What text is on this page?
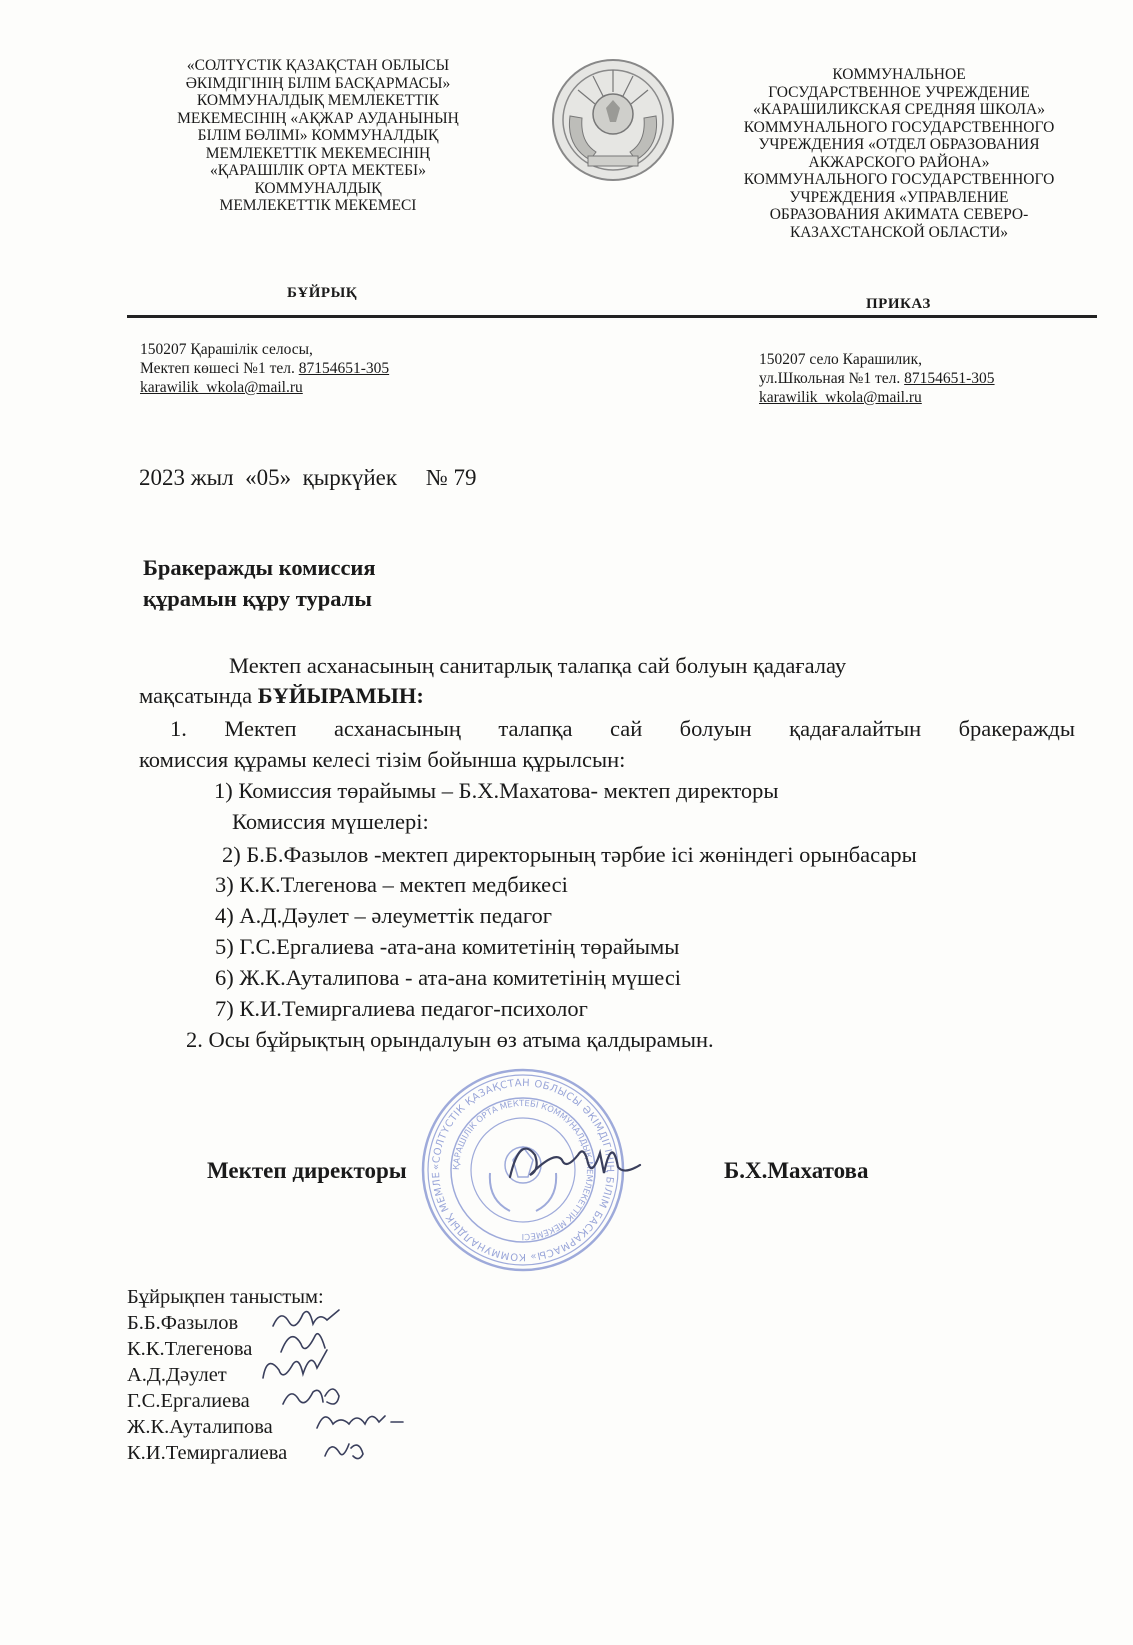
«СОЛТҮСТІК ҚАЗАҚСТАН ОБЛЫСЫ
ӘКІМДІГІНІҢ БІЛІМ БАСҚАРМАСЫ»
КОММУНАЛДЫҚ МЕМЛЕКЕТТІК
МЕКЕМЕСІНІҢ «АҚЖАР АУДАНЫНЫҢ
БІЛІМ БӨЛІМІ» КОММУНАЛДЫҚ
МЕМЛЕКЕТТІК МЕКЕМЕСІНІҢ
«ҚАРАШІЛІК ОРТА МЕКТЕБІ»
КОММУНАЛДЫҚ
МЕМЛЕКЕТТІК МЕКЕМЕСІ
БҰЙРЫҚ
КОММУНАЛЬНОЕ
ГОСУДАРСТВЕННОЕ УЧРЕЖДЕНИЕ
«КАРАШИЛИКСКАЯ СРЕДНЯЯ ШКОЛА»
КОММУНАЛЬНОГО ГОСУДАРСТВЕННОГО
УЧРЕЖДЕНИЯ «ОТДЕЛ ОБРАЗОВАНИЯ
АКЖАРСКОГО РАЙОНА»
КОММУНАЛЬНОГО ГОСУДАРСТВЕННОГО
УЧРЕЖДЕНИЯ «УПРАВЛЕНИЕ
ОБРАЗОВАНИЯ АКИМАТА СЕВЕРО-
КАЗАХСТАНСКОЙ ОБЛАСТИ»
ПРИКАЗ
150207 Қарашілік селосы,
Мектеп көшесі №1 тел. 87154651-305
karawilik_wkola@mail.ru
150207 село Карашилик,
ул.Школьная №1 тел. 87154651-305
karawilik_wkola@mail.ru
2023 жыл  «05»  қыркүйек     № 79
Бракеражды комиссия
құрамын құру туралы
Мектеп асханасының санитарлық талапқа сай болуын қадағалау
мақсатында БҰЙЫРАМЫН:
1. Мектеп асханасының талапқа сай болуын қадағалайтын бракеражды
комиссия құрамы келесі тізім бойынша құрылсын:
1) Комиссия төрайымы – Б.Х.Махатова- мектеп директоры
Комиссия мүшелері:
2) Б.Б.Фазылов -мектеп директорының тәрбие ісі жөніндегі орынбасары
3) К.К.Тлегенова – мектеп медбикесі
4) А.Д.Дәулет – әлеуметтік педагог
5) Г.С.Ергалиева -ата-ана комитетінің төрайымы
6) Ж.К.Ауталипова - ата-ана комитетінің мүшесі
7) К.И.Темиргалиева педагог-психолог
2. Осы бұйрықтың орындалуын өз атыма қалдырамын.
«СОЛТҮСТІК ҚАЗАҚСТАН ОБЛЫСЫ ӘКІМДІГІНІҢ БІЛІМ БАСҚАРМАСЫ» КОММУНАЛДЫҚ МЕМЛЕКЕТТІК МЕКЕМЕСІ
ҚАРАШІЛІК ОРТА МЕКТЕБІ КОММУНАЛДЫҚ МЕМЛЕКЕТТІК МЕКЕМЕСІ
Мектеп директоры	Б.Х.Махатова
Бұйрықпен таныстым:
Б.Б.Фазылов
К.К.Тлегенова
А.Д.Дәулет
Г.С.Ергалиева
Ж.К.Ауталипова
К.И.Темиргалиева
